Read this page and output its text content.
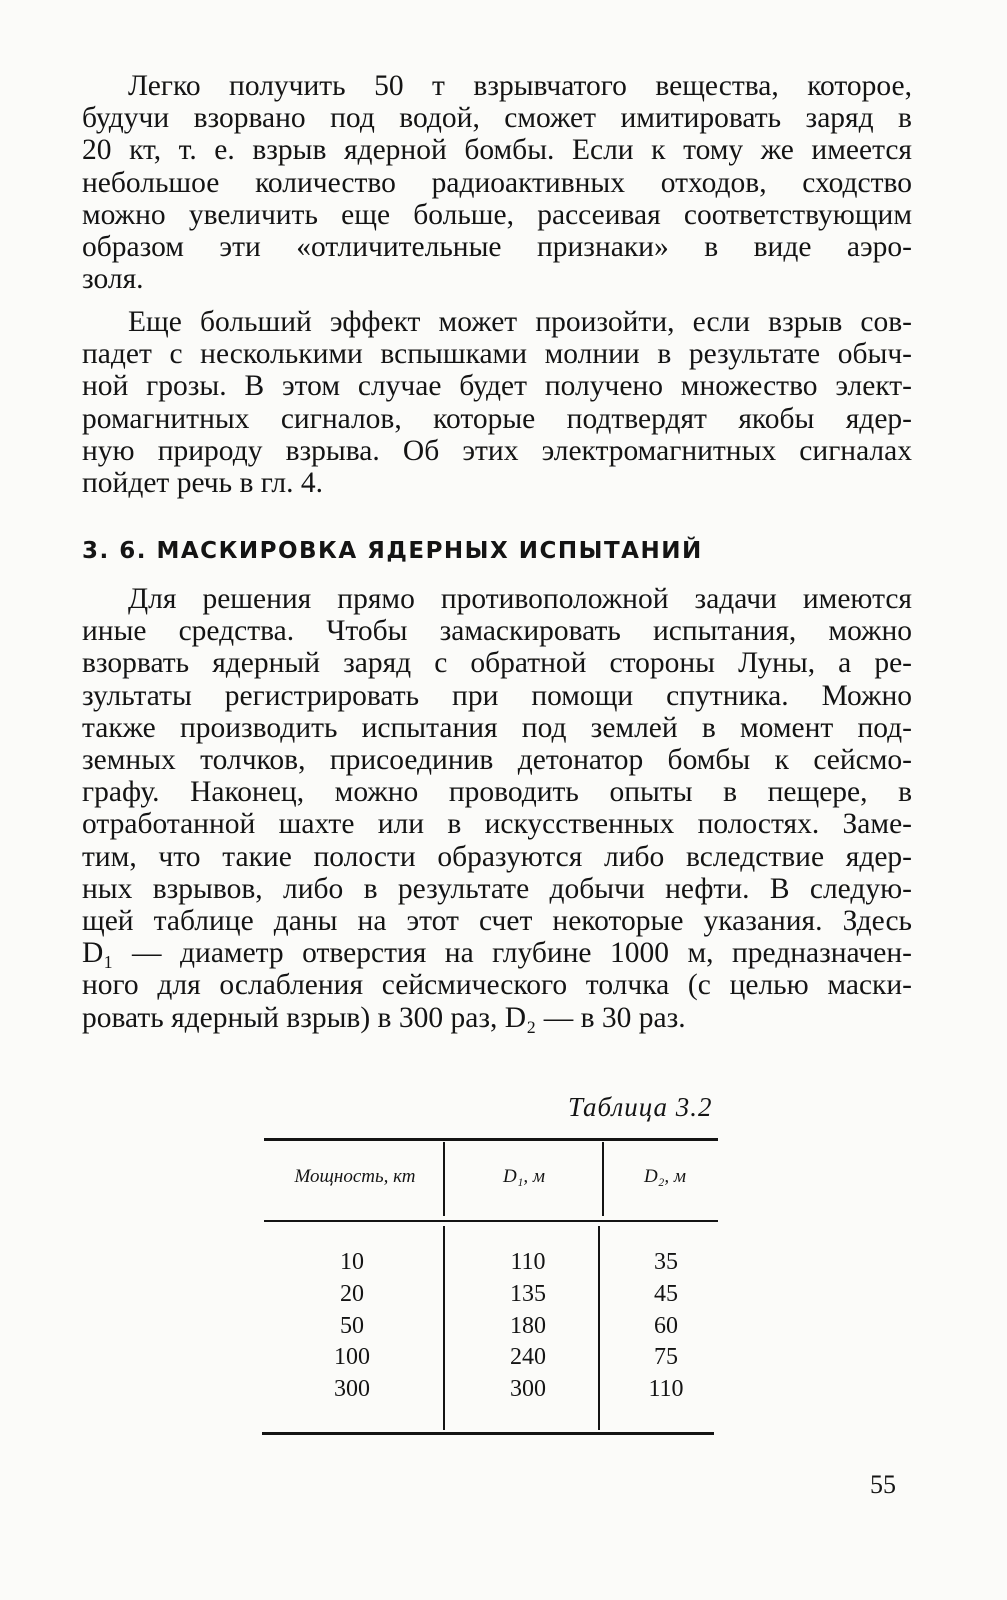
Легко получить 50 т взрывчатого вещества, которое,

будучи взорвано под водой, сможет имитировать заряд в

20 кт, т. е. взрыв ядерной бомбы. Если к тому же имеется

небольшое количество радиоактивных отходов, сходство

можно увеличить еще больше, рассеивая соответствующим

образом эти «отличительные признаки» в виде аэро-

золя.

Еще больший эффект может произойти, если взрыв сов-

падет с несколькими вспышками молнии в результате обыч-

ной грозы. В этом случае будет получено множество элект-

ромагнитных сигналов, которые подтвердят якобы ядер-

ную природу взрыва. Об этих электромагнитных сигналах

пойдет речь в гл. 4.

3. 6. МАСКИРОВКА ЯДЕРНЫХ ИСПЫТАНИЙ

Для решения прямо противоположной задачи имеются

иные средства. Чтобы замаскировать испытания, можно

взорвать ядерный заряд с обратной стороны Луны, а ре-

зультаты регистрировать при помощи спутника. Можно

также производить испытания под землей в момент под-

земных толчков, присоединив детонатор бомбы к сейсмо-

графу. Наконец, можно проводить опыты в пещере, в

отработанной шахте или в искусственных полостях. Заме-

тим, что такие полости образуются либо вследствие ядер-

ных взрывов, либо в результате добычи нефти. В следую-

щей таблице даны на этот счет некоторые указания. Здесь

D₁ — диаметр отверстия на глубине 1000 м, предназначен-

ного для ослабления сейсмического толчка (с целью маски-

ровать ядерный взрыв) в 300 раз, D₂ — в 30 раз.

Таблица 3.2
Мощность, кт	D₁, м	D₂, м
10	110	35
20	135	45
50	180	60
100	240	75
300	300	110
55
